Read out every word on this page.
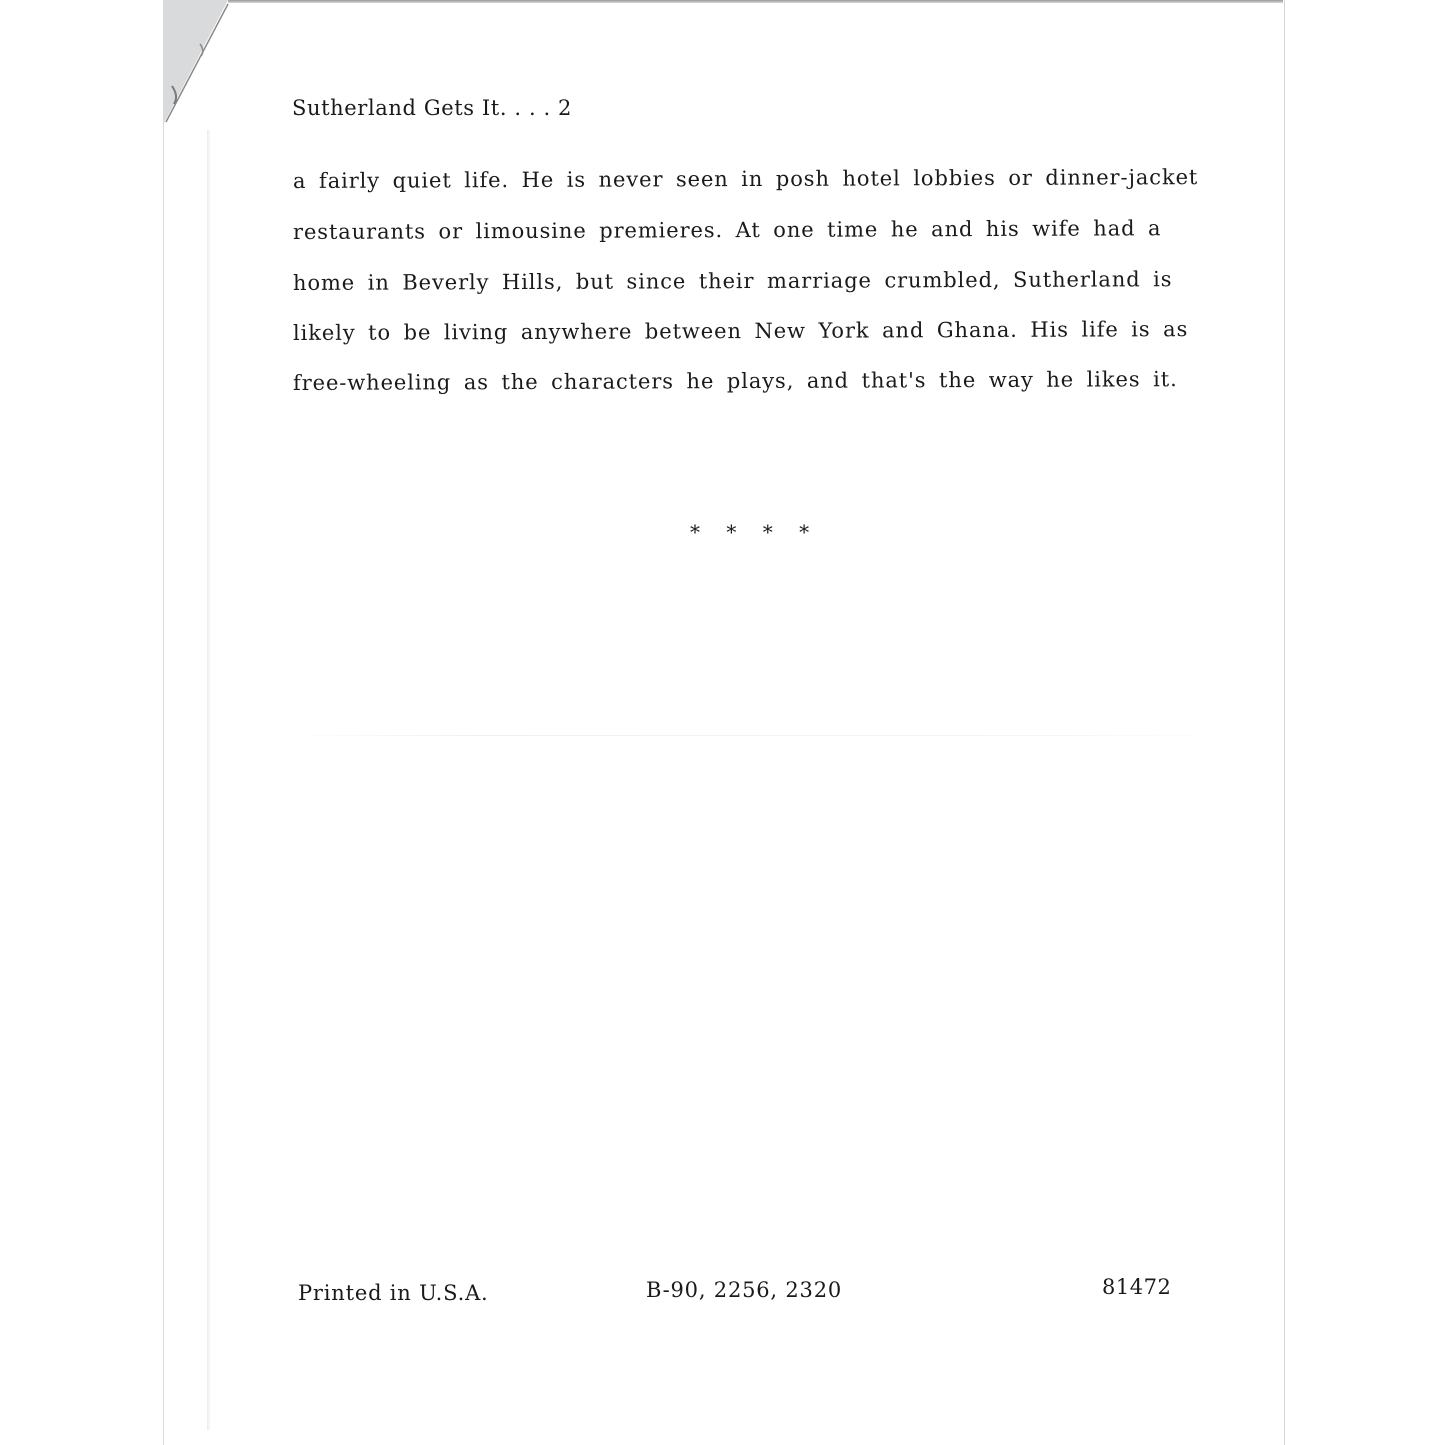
Sutherland Gets It. . . . 2
a fairly quiet life. He is never seen in posh hotel lobbies or dinner-jacket
restaurants or limousine premieres. At one time he and his wife had a
home in Beverly Hills, but since their marriage crumbled, Sutherland is
likely to be living anywhere between New York and Ghana. His life is as
free-wheeling as the characters he plays, and that's the way he likes it.
* * * *
Printed in U.S.A.	B-90, 2256, 2320	81472
